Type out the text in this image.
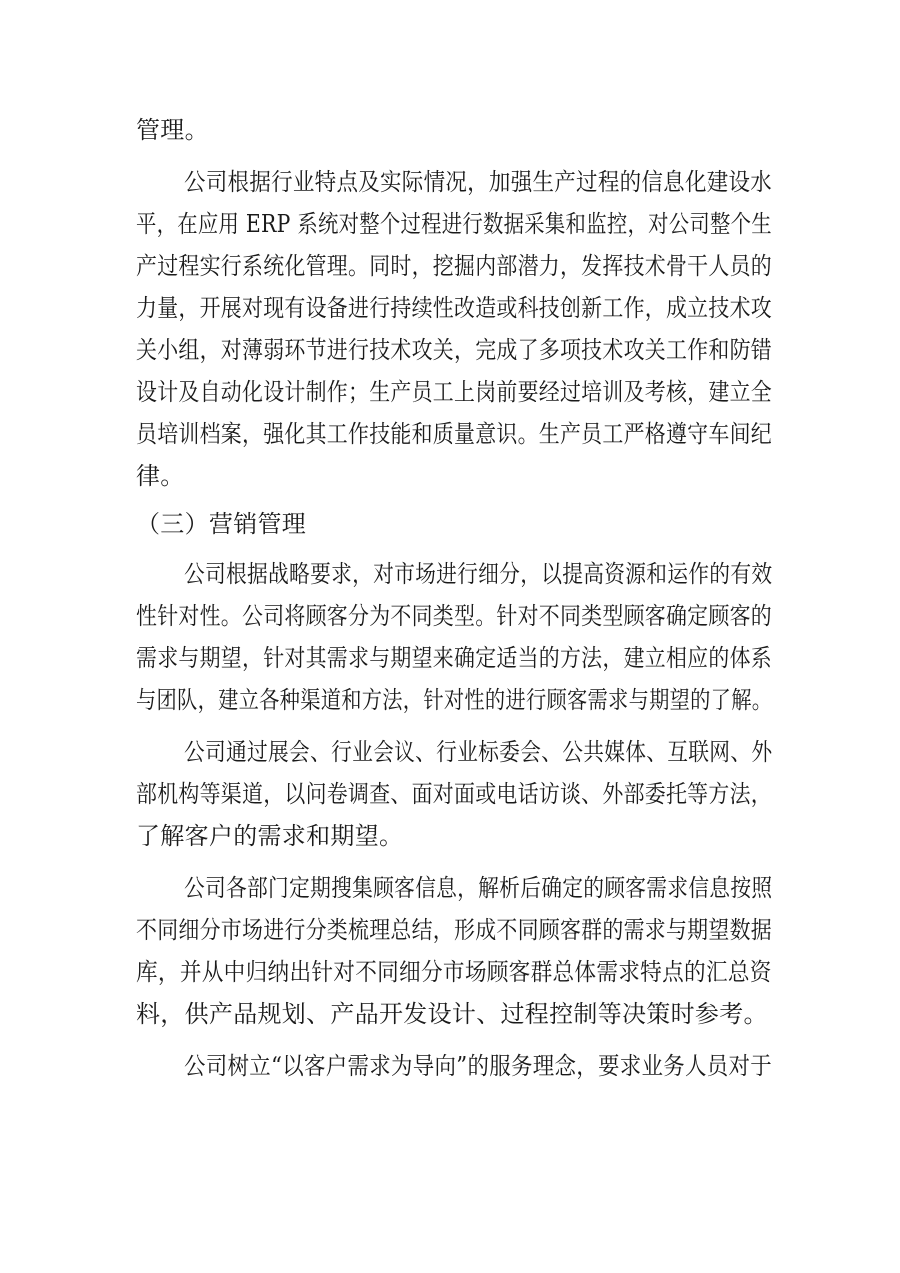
管理。
公司根据行业特点及实际情况，加强生产过程的信息化建设水
平，在应用 ERP 系统对整个过程进行数据采集和监控，对公司整个生
产过程实行系统化管理。同时，挖掘内部潜力，发挥技术骨干人员的
力量，开展对现有设备进行持续性改造或科技创新工作，成立技术攻
关小组，对薄弱环节进行技术攻关，完成了多项技术攻关工作和防错
设计及自动化设计制作；生产员工上岗前要经过培训及考核，建立全
员培训档案，强化其工作技能和质量意识。生产员工严格遵守车间纪
律。
（三）营销管理
公司根据战略要求，对市场进行细分，以提高资源和运作的有效
性针对性。公司将顾客分为不同类型。针对不同类型顾客确定顾客的
需求与期望，针对其需求与期望来确定适当的方法，建立相应的体系
与团队，建立各种渠道和方法，针对性的进行顾客需求与期望的了解。
公司通过展会、行业会议、行业标委会、公共媒体、互联网、外
部机构等渠道，以问卷调查、面对面或电话访谈、外部委托等方法，
了解客户的需求和期望。
公司各部门定期搜集顾客信息，解析后确定的顾客需求信息按照
不同细分市场进行分类梳理总结，形成不同顾客群的需求与期望数据
库，并从中归纳出针对不同细分市场顾客群总体需求特点的汇总资
料，供产品规划、产品开发设计、过程控制等决策时参考。
公司树立“以客户需求为导向”的服务理念，要求业务人员对于
